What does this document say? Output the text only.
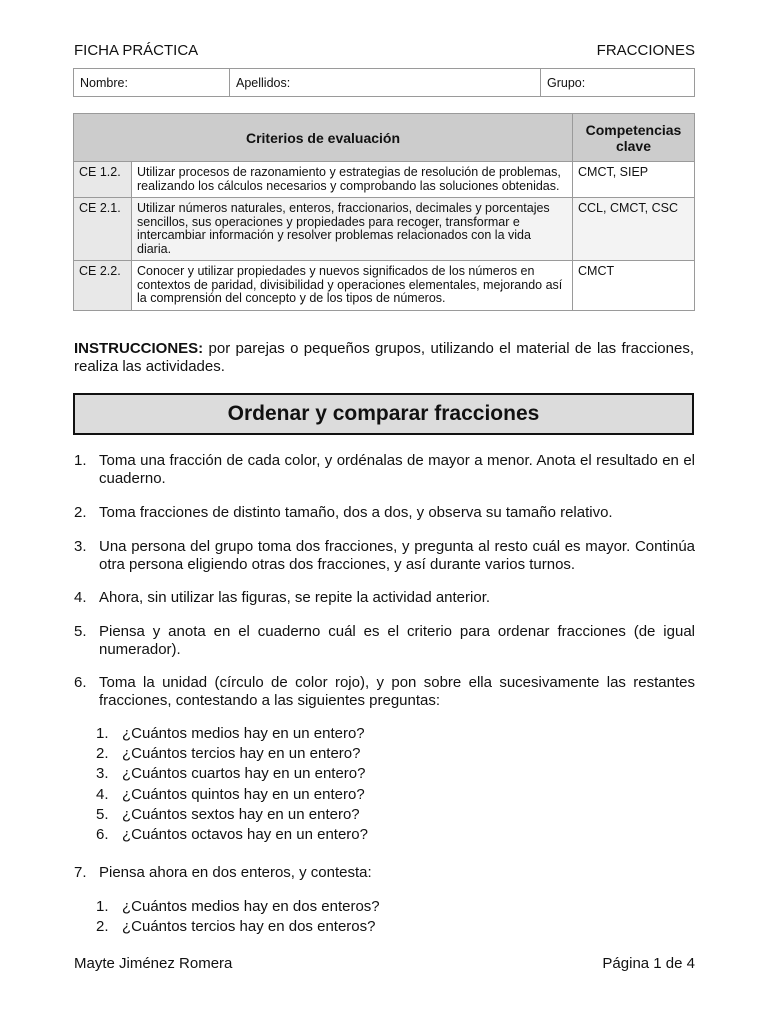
FICHA PRÁCTICA	FRACCIONES
Nombre:	Apellidos:	Grupo:
Criterios de evaluación		Competencias clave
CE 1.2.	Utilizar procesos de razonamiento y estrategias de resolución de problemas, realizando los cálculos necesarios y comprobando las soluciones obtenidas.	CMCT, SIEP
CE 2.1.	Utilizar números naturales, enteros, fraccionarios, decimales y porcentajes sencillos, sus operaciones y propiedades para recoger, transformar e intercambiar información y resolver problemas relacionados con la vida diaria.	CCL, CMCT, CSC
CE 2.2.	Conocer y utilizar propiedades y nuevos significados de los números en contextos de paridad, divisibilidad y operaciones elementales, mejorando así la comprensión del concepto y de los tipos de números.	CMCT
INSTRUCCIONES: por parejas o pequeños grupos, utilizando el material de las fracciones, realiza las actividades.
Ordenar y comparar fracciones
1. Toma una fracción de cada color, y ordénalas de mayor a menor. Anota el resultado en el cuaderno.
2. Toma fracciones de distinto tamaño, dos a dos, y observa su tamaño relativo.
3. Una persona del grupo toma dos fracciones, y pregunta al resto cuál es mayor. Continúa otra persona eligiendo otras dos fracciones, y así durante varios turnos.
4. Ahora, sin utilizar las figuras, se repite la actividad anterior.
5. Piensa y anota en el cuaderno cuál es el criterio para ordenar fracciones (de igual numerador).
6. Toma la unidad (círculo de color rojo), y pon sobre ella sucesivamente las restantes fracciones, contestando a las siguientes preguntas:
1. ¿Cuántos medios hay en un entero?
2. ¿Cuántos tercios hay en un entero?
3. ¿Cuántos cuartos hay en un entero?
4. ¿Cuántos quintos hay en un entero?
5. ¿Cuántos sextos hay en un entero?
6. ¿Cuántos octavos hay en un entero?
7. Piensa ahora en dos enteros, y contesta:
1. ¿Cuántos medios hay en dos enteros?
2. ¿Cuántos tercios hay en dos enteros?
Mayte Jiménez Romera	Página 1 de 4
